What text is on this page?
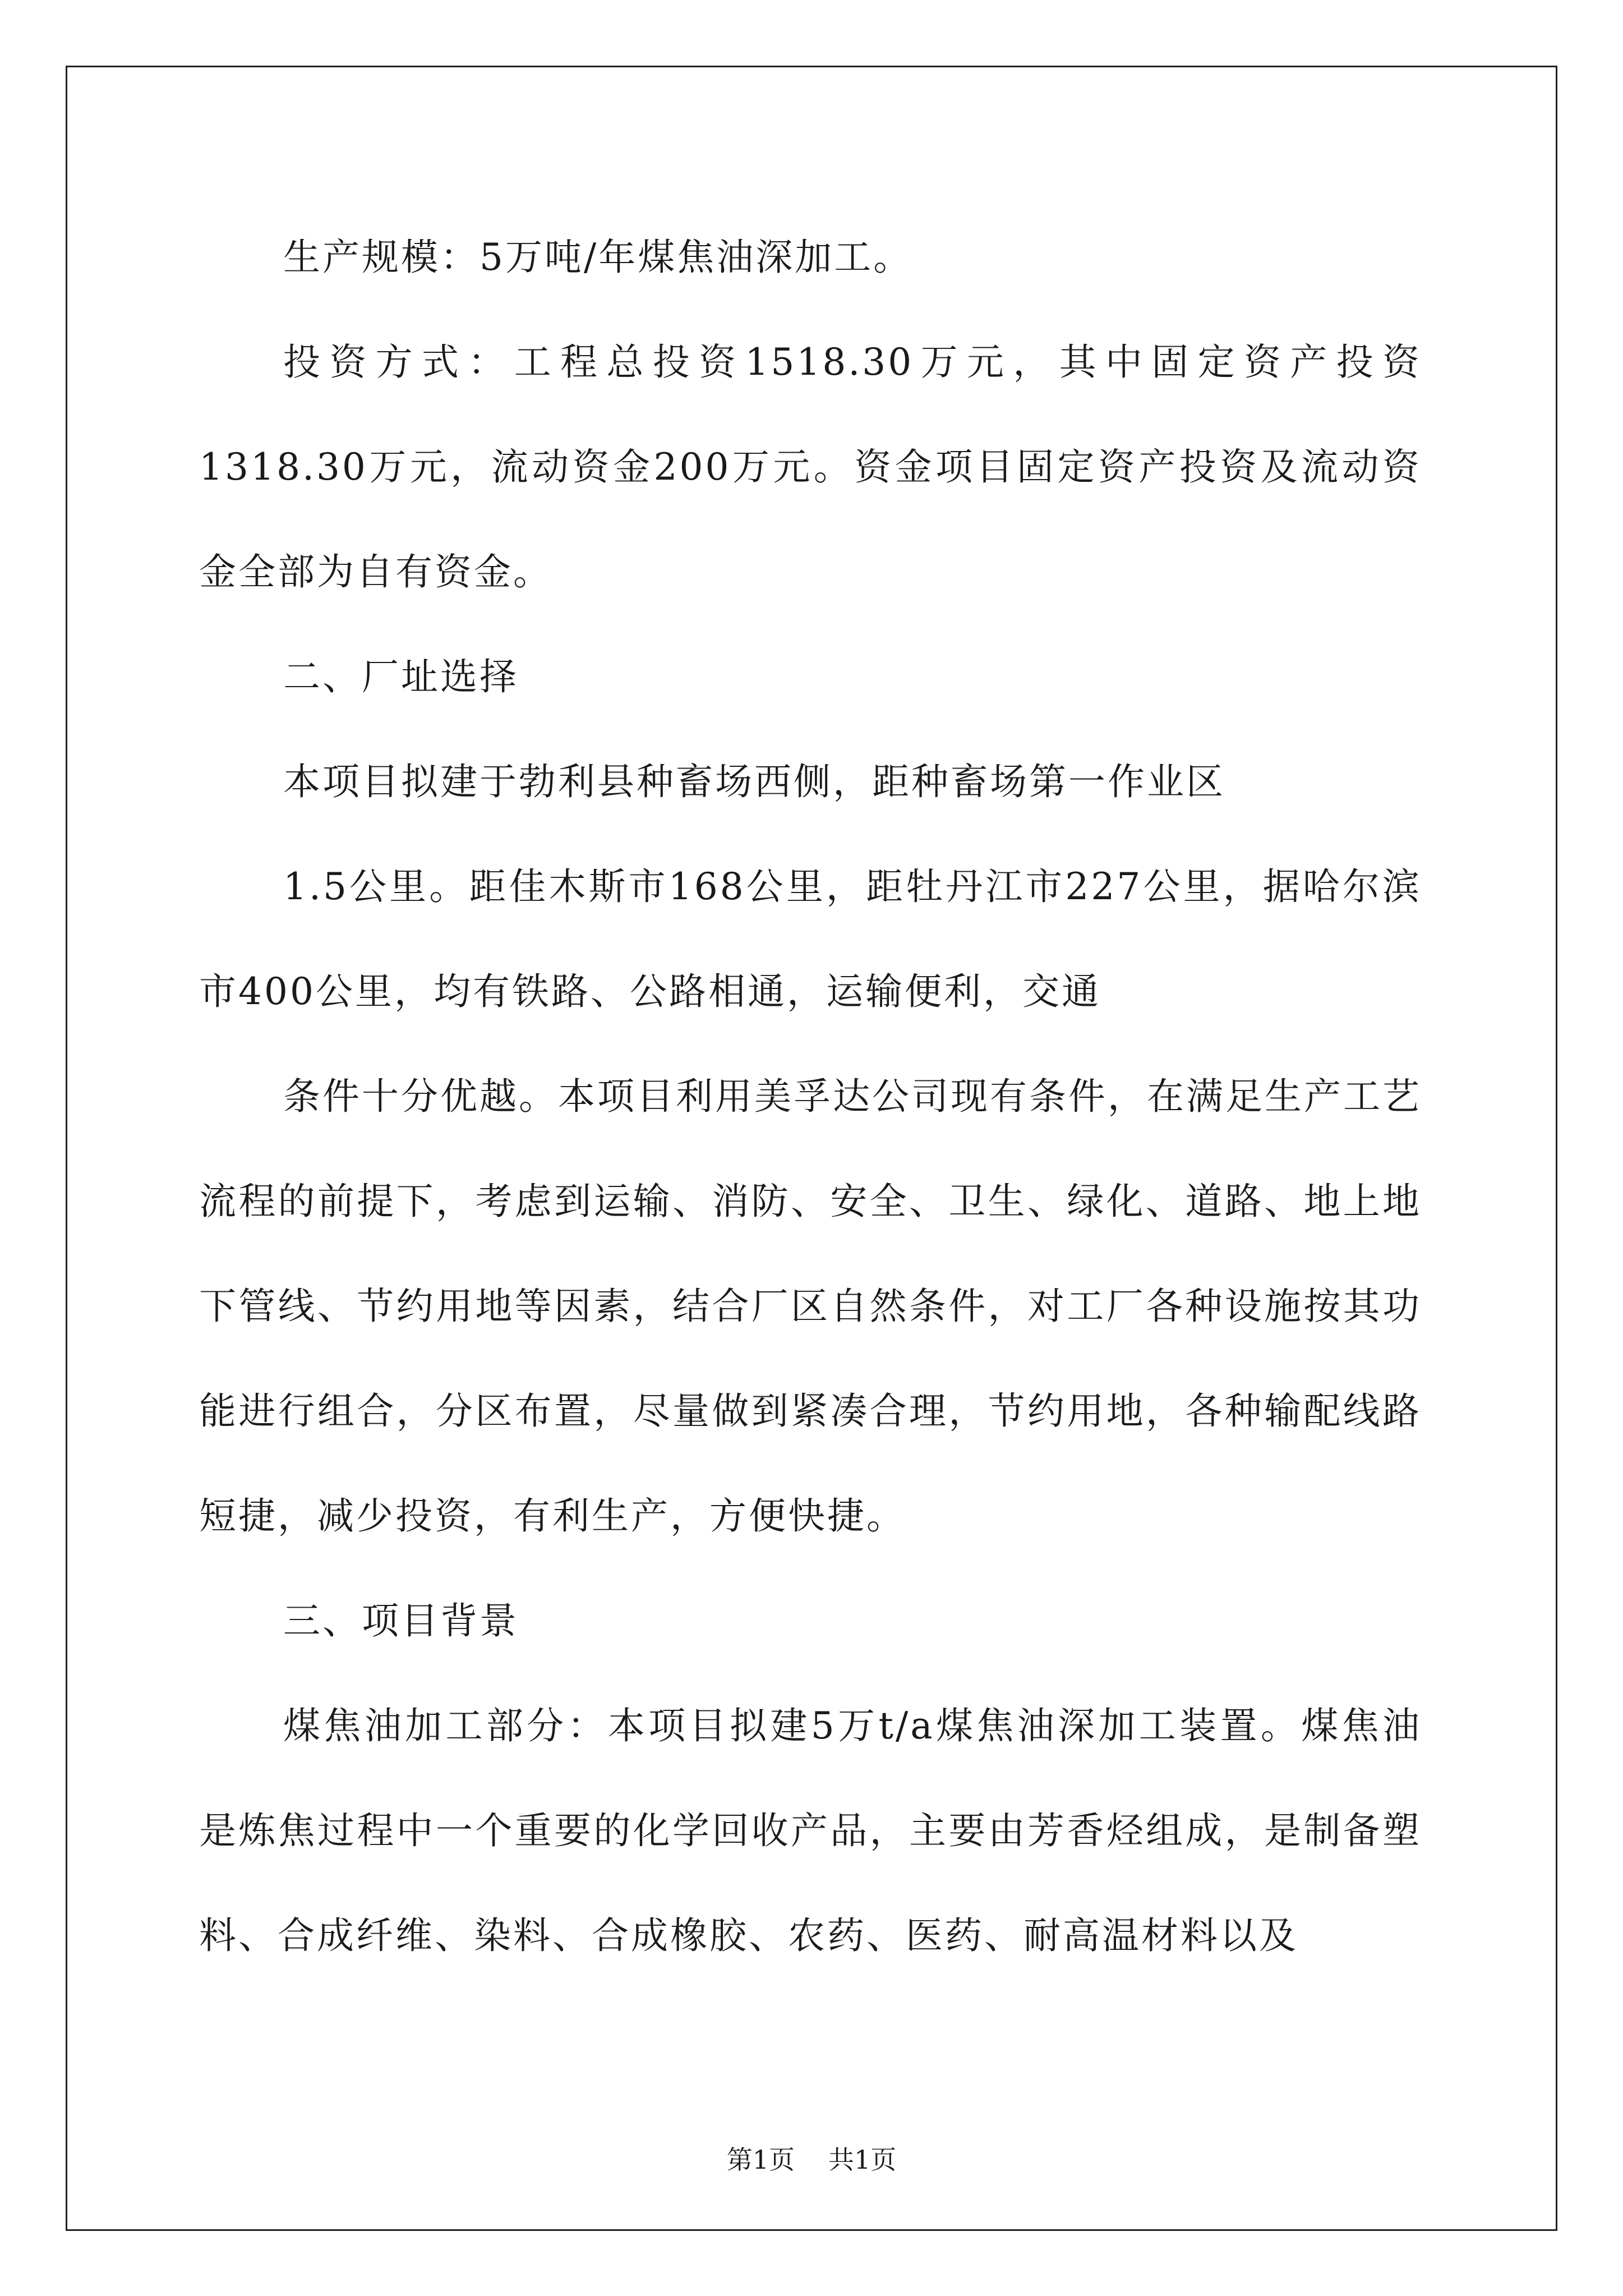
生产规模：5万吨/年煤焦油深加工。

投资方式：工程总投资1518.30万元，其中固定资产投资1318.30万元，流动资金200万元。资金项目固定资产投资及流动资金全部为自有资金。

二、厂址选择

本项目拟建于勃利县种畜场西侧，距种畜场第一作业区

1.5公里。距佳木斯市168公里，距牡丹江市227公里，据哈尔滨市400公里，均有铁路、公路相通，运输便利，交通

条件十分优越。本项目利用美孚达公司现有条件，在满足生产工艺流程的前提下，考虑到运输、消防、安全、卫生、绿化、道路、地上地下管线、节约用地等因素，结合厂区自然条件，对工厂各种设施按其功能进行组合，分区布置，尽量做到紧凑合理，节约用地，各种输配线路短捷，减少投资，有利生产，方便快捷。

三、项目背景

煤焦油加工部分：本项目拟建5万t/a煤焦油深加工装置。煤焦油是炼焦过程中一个重要的化学回收产品，主要由芳香烃组成，是制备塑料、合成纤维、染料、合成橡胶、农药、医药、耐高温材料以及

第1页 共1页
